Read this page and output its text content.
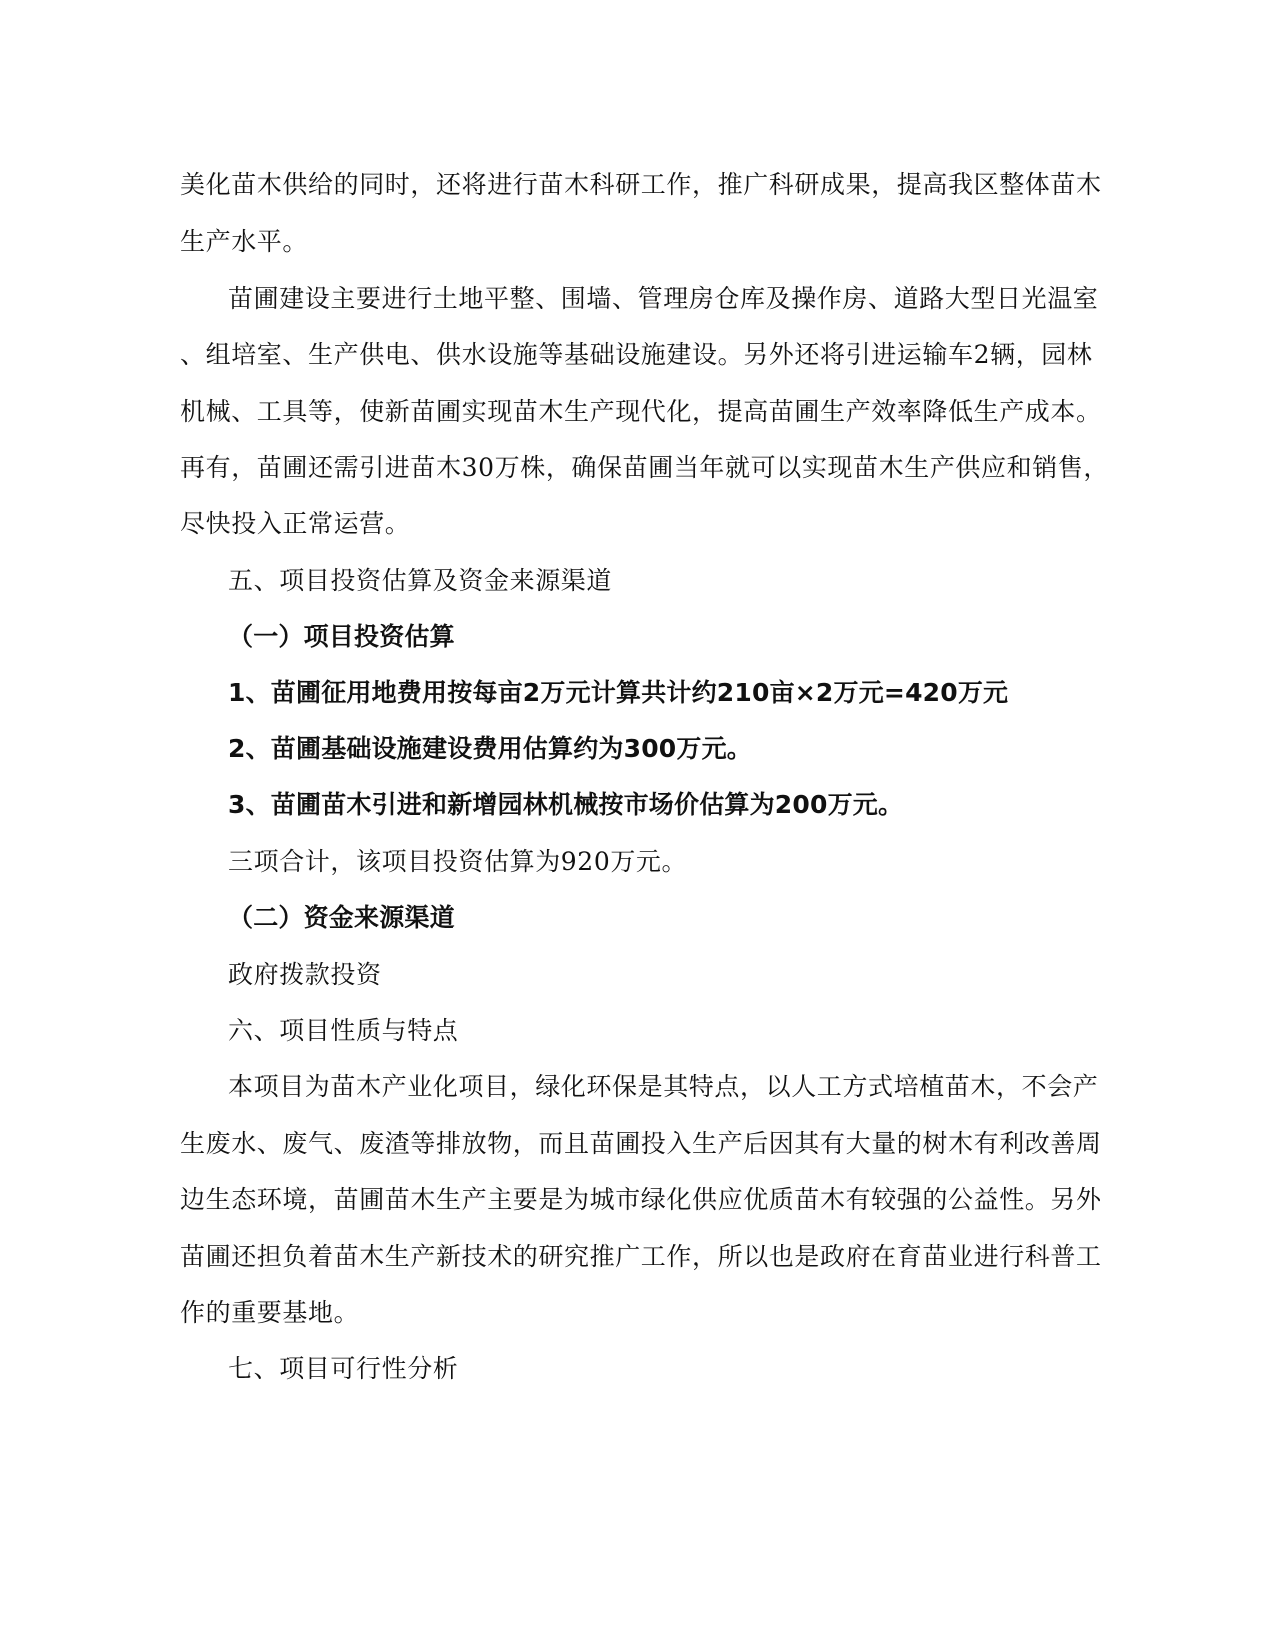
美化苗木供给的同时，还将进行苗木科研工作，推广科研成果，提高我区整体苗木
生产水平。
苗圃建设主要进行土地平整、围墙、管理房仓库及操作房、道路大型日光温室
、组培室、生产供电、供水设施等基础设施建设。另外还将引进运输车2辆，园林
机械、工具等，使新苗圃实现苗木生产现代化，提高苗圃生产效率降低生产成本。
再有，苗圃还需引进苗木30万株，确保苗圃当年就可以实现苗木生产供应和销售，
尽快投入正常运营。
五、项目投资估算及资金来源渠道
（一）项目投资估算
1、苗圃征用地费用按每亩2万元计算共计约210亩×2万元=420万元
2、苗圃基础设施建设费用估算约为300万元。
3、苗圃苗木引进和新增园林机械按市场价估算为200万元。
三项合计，该项目投资估算为920万元。
（二）资金来源渠道
政府拨款投资
六、项目性质与特点
本项目为苗木产业化项目，绿化环保是其特点，以人工方式培植苗木，不会产
生废水、废气、废渣等排放物，而且苗圃投入生产后因其有大量的树木有利改善周
边生态环境，苗圃苗木生产主要是为城市绿化供应优质苗木有较强的公益性。另外
苗圃还担负着苗木生产新技术的研究推广工作，所以也是政府在育苗业进行科普工
作的重要基地。
七、项目可行性分析
